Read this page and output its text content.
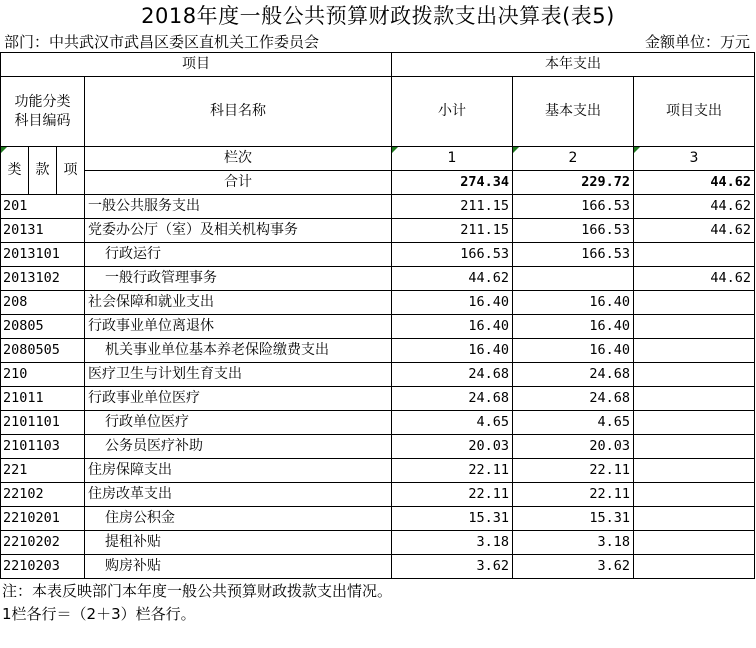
2018年度一般公共预算财政拨款支出决算表(表5)
部门：中共武汉市武昌区委区直机关工作委员会	金额单位：万元
项目				本年支出		
功能分类
科目编码			科目名称	小计	基本支出	项目支出
类	款	项	栏次	1	2	3
			合计	274.34	229.72	44.62
201			一般公共服务支出	211.15	166.53	44.62
20131			党委办公厅（室）及相关机构事务	211.15	166.53	44.62
2013101			行政运行	166.53	166.53	
2013102			一般行政管理事务	44.62		44.62
208			社会保障和就业支出	16.40	16.40	
20805			行政事业单位离退休	16.40	16.40	
2080505			机关事业单位基本养老保险缴费支出	16.40	16.40	
210			医疗卫生与计划生育支出	24.68	24.68	
21011			行政事业单位医疗	24.68	24.68	
2101101			行政单位医疗	4.65	4.65	
2101103			公务员医疗补助	20.03	20.03	
221			住房保障支出	22.11	22.11	
22102			住房改革支出	22.11	22.11	
2210201			住房公积金	15.31	15.31	
2210202			提租补贴	3.18	3.18	
2210203			购房补贴	3.62	3.62	
注：本表反映部门本年度一般公共预算财政拨款支出情况。
1栏各行＝（2＋3）栏各行。
